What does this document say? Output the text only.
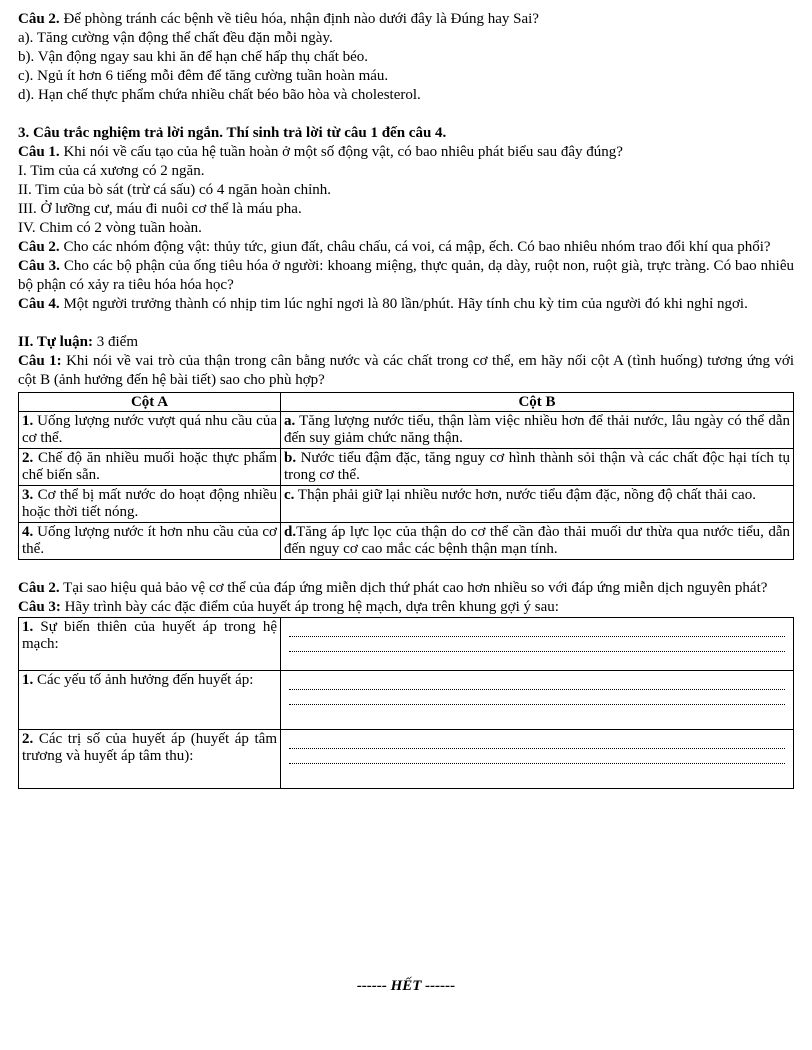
Câu 2. Để phòng tránh các bệnh về tiêu hóa, nhận định nào dưới đây là Đúng hay Sai?
a). Tăng cường vận động thể chất đều đặn mỗi ngày.
b). Vận động ngay sau khi ăn để hạn chế hấp thụ chất béo.
c). Ngủ ít hơn 6 tiếng mỗi đêm để tăng cường tuần hoàn máu.
d). Hạn chế thực phẩm chứa nhiều chất béo bão hòa và cholesterol.
3. Câu trắc nghiệm trả lời ngắn. Thí sinh trả lời từ câu 1 đến câu 4.
Câu 1. Khi nói về cấu tạo của hệ tuần hoàn ở một số động vật, có bao nhiêu phát biểu sau đây đúng?
I. Tim của cá xương có 2 ngăn.
II. Tim của bò sát (trừ cá sấu) có 4 ngăn hoàn chỉnh.
III. Ở lưỡng cư, máu đi nuôi cơ thể là máu pha.
IV. Chim có 2 vòng tuần hoàn.
Câu 2. Cho các nhóm động vật: thủy tức, giun đất, châu chấu, cá voi, cá mập, ếch. Có bao nhiêu nhóm trao đổi khí qua phổi?
Câu 3. Cho các bộ phận của ống tiêu hóa ở người: khoang miệng, thực quản, dạ dày, ruột non, ruột già, trực tràng. Có bao nhiêu bộ phận có xảy ra tiêu hóa hóa học?
Câu 4. Một người trưởng thành có nhịp tim lúc nghỉ ngơi là 80 lần/phút. Hãy tính chu kỳ tim của người đó khi nghỉ ngơi.
II. Tự luận: 3 điểm
Câu 1: Khi nói về vai trò của thận trong cân bằng nước và các chất trong cơ thể, em hãy nối cột A (tình huống) tương ứng với cột B (ảnh hưởng đến hệ bài tiết) sao cho phù hợp?
Cột A	Cột B
1. Uống lượng nước vượt quá nhu cầu của cơ thể.	a. Tăng lượng nước tiểu, thận làm việc nhiều hơn để thải nước, lâu ngày có thể dẫn đến suy giảm chức năng thận.
2. Chế độ ăn nhiều muối hoặc thực phẩm chế biến sẵn.	b. Nước tiểu đậm đặc, tăng nguy cơ hình thành sỏi thận và các chất độc hại tích tụ trong cơ thể.
3. Cơ thể bị mất nước do hoạt động nhiều hoặc thời tiết nóng.	c. Thận phải giữ lại nhiều nước hơn, nước tiểu đậm đặc, nồng độ chất thải cao.
4. Uống lượng nước ít hơn nhu cầu của cơ thể.	d.Tăng áp lực lọc của thận do cơ thể cần đào thải muối dư thừa qua nước tiểu, dẫn đến nguy cơ cao mắc các bệnh thận mạn tính.
Câu 2. Tại sao hiệu quả bảo vệ cơ thể của đáp ứng miễn dịch thứ phát cao hơn nhiều so với đáp ứng miễn dịch nguyên phát?
Câu 3: Hãy trình bày các đặc điểm của huyết áp trong hệ mạch, dựa trên khung gợi ý sau:
1. Sự biến thiên của huyết áp trong hệ mạch:	

1. Các yếu tố ảnh hưởng đến huyết áp:	

2. Các trị số của huyết áp (huyết áp tâm trương và huyết áp tâm thu):	
------ HẾT ------
